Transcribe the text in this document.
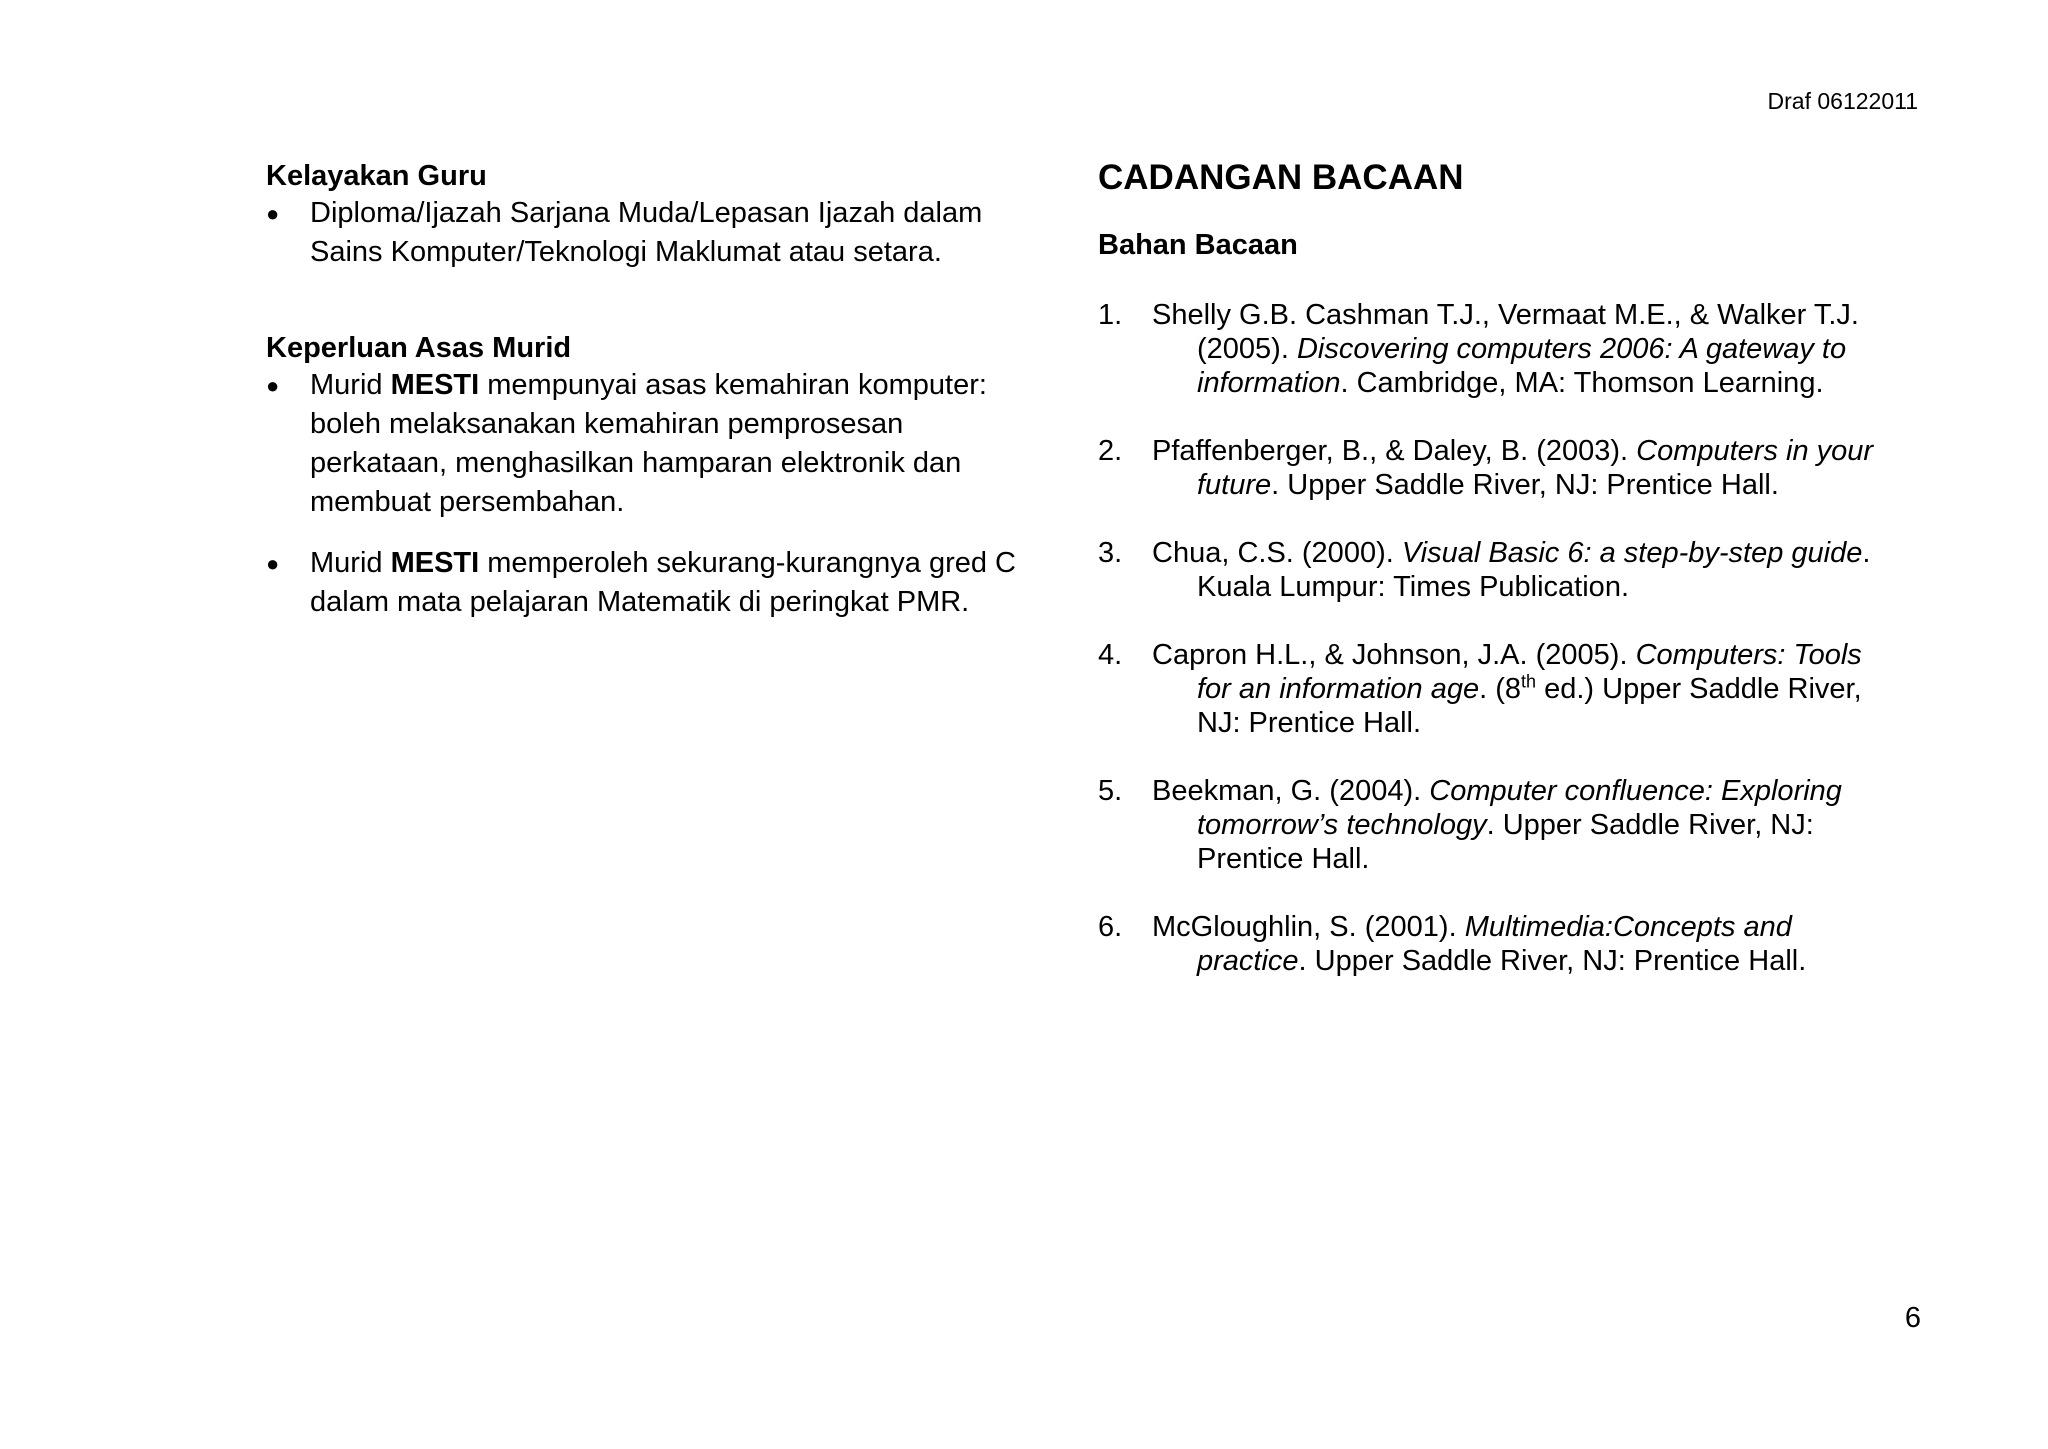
Draf 06122011
Kelayakan Guru
● Diploma/Ijazah Sarjana Muda/Lepasan Ijazah dalam Sains Komputer/Teknologi Maklumat atau setara.
Keperluan Asas Murid
● Murid MESTI mempunyai asas kemahiran komputer: boleh melaksanakan kemahiran pemprosesan perkataan, menghasilkan hamparan elektronik dan membuat persembahan.
● Murid MESTI memperoleh sekurang-kurangnya gred C dalam mata pelajaran Matematik di peringkat PMR.
CADANGAN BACAAN
Bahan Bacaan
1. Shelly G.B. Cashman T.J., Vermaat M.E., & Walker T.J.
(2005). Discovering computers 2006: A gateway to
information. Cambridge, MA: Thomson Learning.
2. Pfaffenberger, B., & Daley, B. (2003). Computers in your
future. Upper Saddle River, NJ: Prentice Hall.
3. Chua, C.S. (2000). Visual Basic 6: a step-by-step guide.
Kuala Lumpur: Times Publication.
4. Capron H.L., & Johnson, J.A. (2005). Computers: Tools
for an information age. (8th ed.) Upper Saddle River,
NJ: Prentice Hall.
5. Beekman, G. (2004). Computer confluence: Exploring
tomorrow’s technology. Upper Saddle River, NJ:
Prentice Hall.
6. McGloughlin, S. (2001). Multimedia:Concepts and
practice. Upper Saddle River, NJ: Prentice Hall.
6
